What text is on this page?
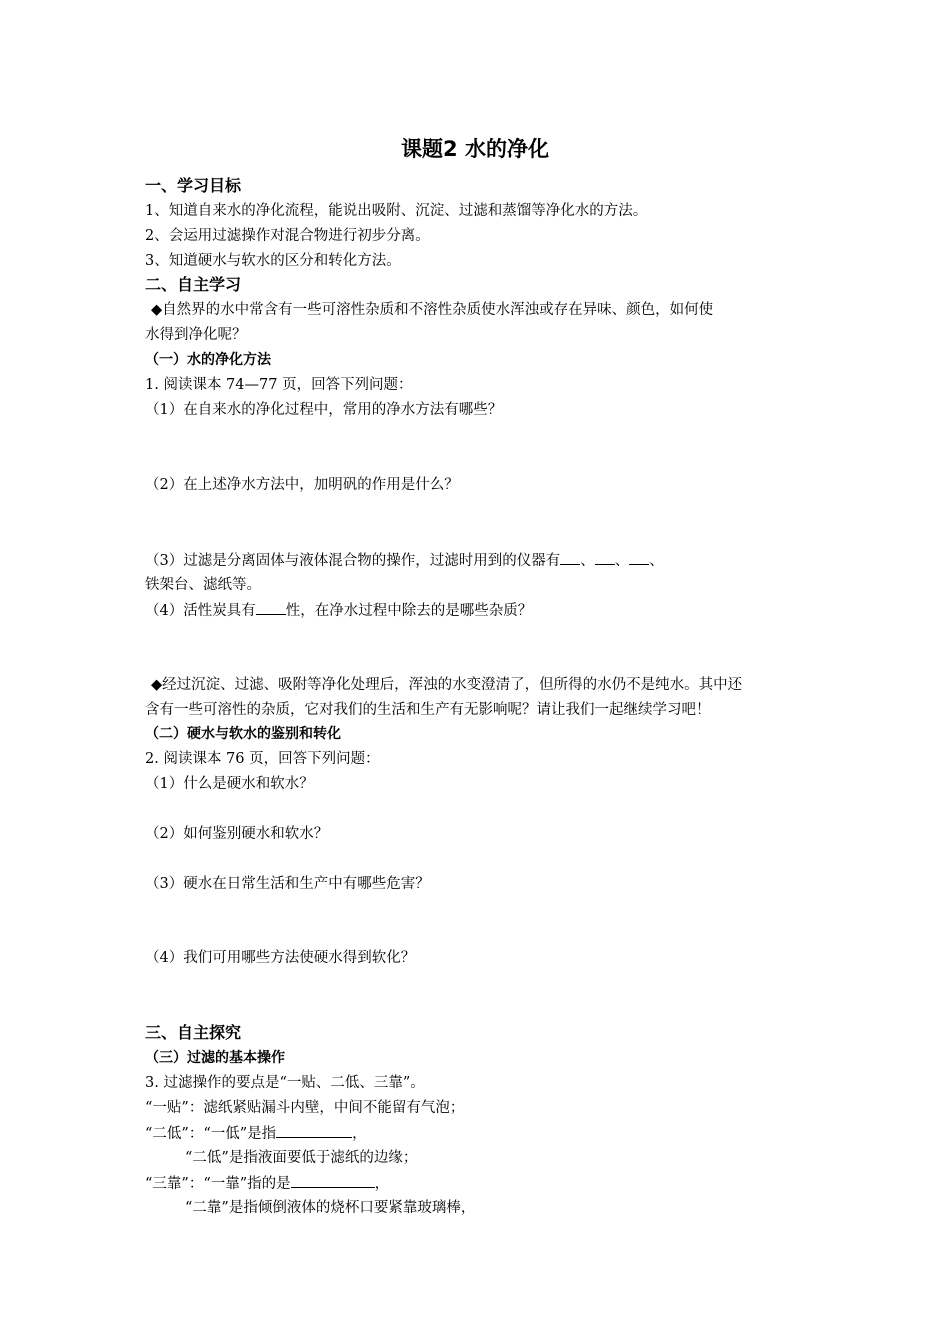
课题2 水的净化
一、学习目标
1、知道自来水的净化流程，能说出吸附、沉淀、过滤和蒸馏等净化水的方法。
2、会运用过滤操作对混合物进行初步分离。
3、知道硬水与软水的区分和转化方法。
二、自主学习
◆自然界的水中常含有一些可溶性杂质和不溶性杂质使水浑浊或存在异味、颜色，如何使
水得到净化呢？
（一）水的净化方法
1. 阅读课本 74—77 页，回答下列问题：
（1）在自来水的净化过程中，常用的净水方法有哪些？
（2）在上述净水方法中，加明矾的作用是什么？
（3）过滤是分离固体与液体混合物的操作，过滤时用到的仪器有 、 、 、
铁架台、滤纸等。
（4）活性炭具有 性，在净水过程中除去的是哪些杂质？
◆经过沉淀、过滤、吸附等净化处理后，浑浊的水变澄清了，但所得的水仍不是纯水。其中还
含有一些可溶性的杂质，它对我们的生活和生产有无影响呢？请让我们一起继续学习吧！
（二）硬水与软水的鉴别和转化
2. 阅读课本 76 页，回答下列问题：
（1）什么是硬水和软水？
（2）如何鉴别硬水和软水？
（3）硬水在日常生活和生产中有哪些危害？
（4）我们可用哪些方法使硬水得到软化？
三、自主探究
（三）过滤的基本操作
3. 过滤操作的要点是“一贴、二低、三靠”。
“一贴”：滤纸紧贴漏斗内壁，中间不能留有气泡；
“二低”：“一低”是指	，
“二低”是指液面要低于滤纸的边缘；
“三靠”：“一靠”指的是	，
“二靠”是指倾倒液体的烧杯口要紧靠玻璃棒，
